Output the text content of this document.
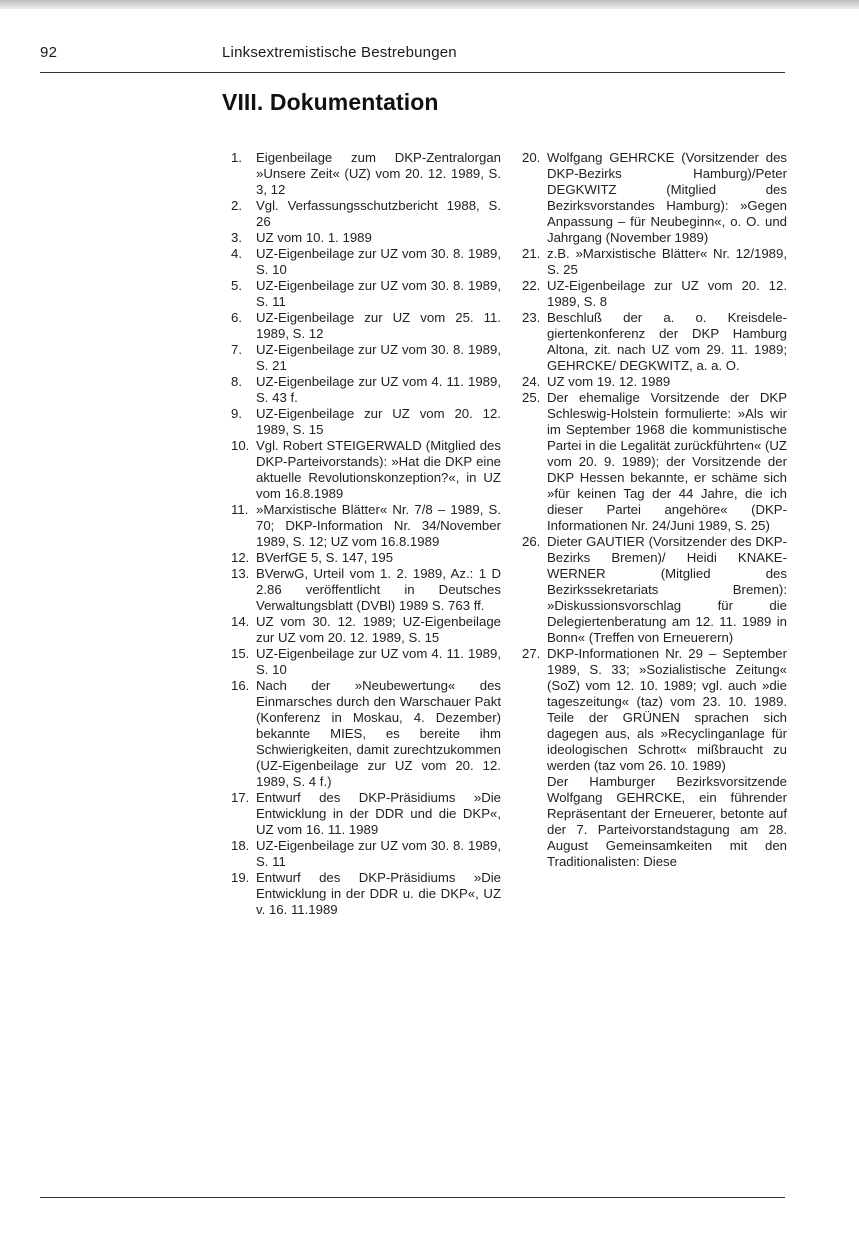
92	Linksextremistische Bestrebungen
VIII. Dokumentation

1. Eigenbeilage zum DKP-Zentralorgan »Unsere Zeit« (UZ) vom 20. 12. 1989, S. 3, 12

2. Vgl. Verfassungsschutzbericht 1988, S. 26

3. UZ vom 10. 1. 1989

4. UZ-Eigenbeilage zur UZ vom 30. 8. 1989, S. 10

5. UZ-Eigenbeilage zur UZ vom 30. 8. 1989, S. 11

6. UZ-Eigenbeilage zur UZ vom 25. 11. 1989, S. 12

7. UZ-Eigenbeilage zur UZ vom 30. 8. 1989, S. 21

8. UZ-Eigenbeilage zur UZ vom 4. 11. 1989, S. 43 f.

9. UZ-Eigenbeilage zur UZ vom 20. 12. 1989, S. 15

10. Vgl. Robert STEIGERWALD (Mitglied des DKP-Parteivorstands): »Hat die DKP eine aktuelle Revolutionskonzeption?«, in UZ vom 16.8.1989

11. »Marxistische Blätter« Nr. 7/8 – 1989, S. 70; DKP-Information Nr. 34/November 1989, S. 12; UZ vom 16.8.1989

12. BVerfGE 5, S. 147, 195

13. BVerwG, Urteil vom 1. 2. 1989, Az.: 1 D 2.86 veröffentlicht in Deutsches Verwaltungsblatt (DVBl) 1989 S. 763 ff.

14. UZ vom 30. 12. 1989; UZ-Eigenbeilage zur UZ vom 20. 12. 1989, S. 15

15. UZ-Eigenbeilage zur UZ vom 4. 11. 1989, S. 10

16. Nach der »Neubewertung« des Einmarsches durch den Warschauer Pakt (Konferenz in Moskau, 4. Dezember) bekannte MIES, es bereite ihm Schwierigkeiten, damit zurechtzukommen (UZ-Eigenbeilage zur UZ vom 20. 12. 1989, S. 4 f.)

17. Entwurf des DKP-Präsidiums »Die Entwicklung in der DDR und die DKP«, UZ vom 16. 11. 1989

18. UZ-Eigenbeilage zur UZ vom 30. 8. 1989, S. 11

19. Entwurf des DKP-Präsidiums »Die Entwicklung in der DDR u. die DKP«, UZ v. 16. 11.1989

20. Wolfgang GEHRCKE (Vorsitzender des DKP-Bezirks Hamburg)/Peter DEGKWITZ (Mitglied des Bezirksvorstandes Hamburg): »Gegen Anpassung – für Neubeginn«, o. O. und Jahrgang (November 1989)

21. z.B. »Marxistische Blätter« Nr. 12/1989, S. 25

22. UZ-Eigenbeilage zur UZ vom 20. 12. 1989, S. 8

23. Beschluß der a. o. Kreisdelegiertenkonferenz der DKP Hamburg Altona, zit. nach UZ vom 29. 11. 1989; GEHRCKE/ DEGKWITZ, a. a. O.

24. UZ vom 19. 12. 1989

25. Der ehemalige Vorsitzende der DKP Schleswig-Holstein formulierte: »Als wir im September 1968 die kommunistische Partei in die Legalität zurückführten« (UZ vom 20. 9. 1989); der Vorsitzende der DKP Hessen bekannte, er schäme sich »für keinen Tag der 44 Jahre, die ich dieser Partei angehöre« (DKP-Informationen Nr. 24/Juni 1989, S. 25)

26. Dieter GAUTIER (Vorsitzender des DKP-Bezirks Bremen)/ Heidi KNAKE-WERNER (Mitglied des Bezirkssekretariats Bremen): »Diskussionsvorschlag für die Delegiertenberatung am 12. 11. 1989 in Bonn« (Treffen von Erneuerern)

27. DKP-Informationen Nr. 29 – September 1989, S. 33; »Sozialistische Zeitung« (SoZ) vom 12. 10. 1989; vgl. auch »die tageszeitung« (taz) vom 23. 10. 1989. Teile der GRÜNEN sprachen sich dagegen aus, als »Recyclinganlage für ideologischen Schrott« mißbraucht zu werden (taz vom 26. 10. 1989)

Der Hamburger Bezirksvorsitzende Wolfgang GEHRCKE, ein führender Repräsentant der Erneuerer, betonte auf der 7. Parteivorstandstagung am 28. August Gemeinsamkeiten mit den Traditionalisten: Diese
